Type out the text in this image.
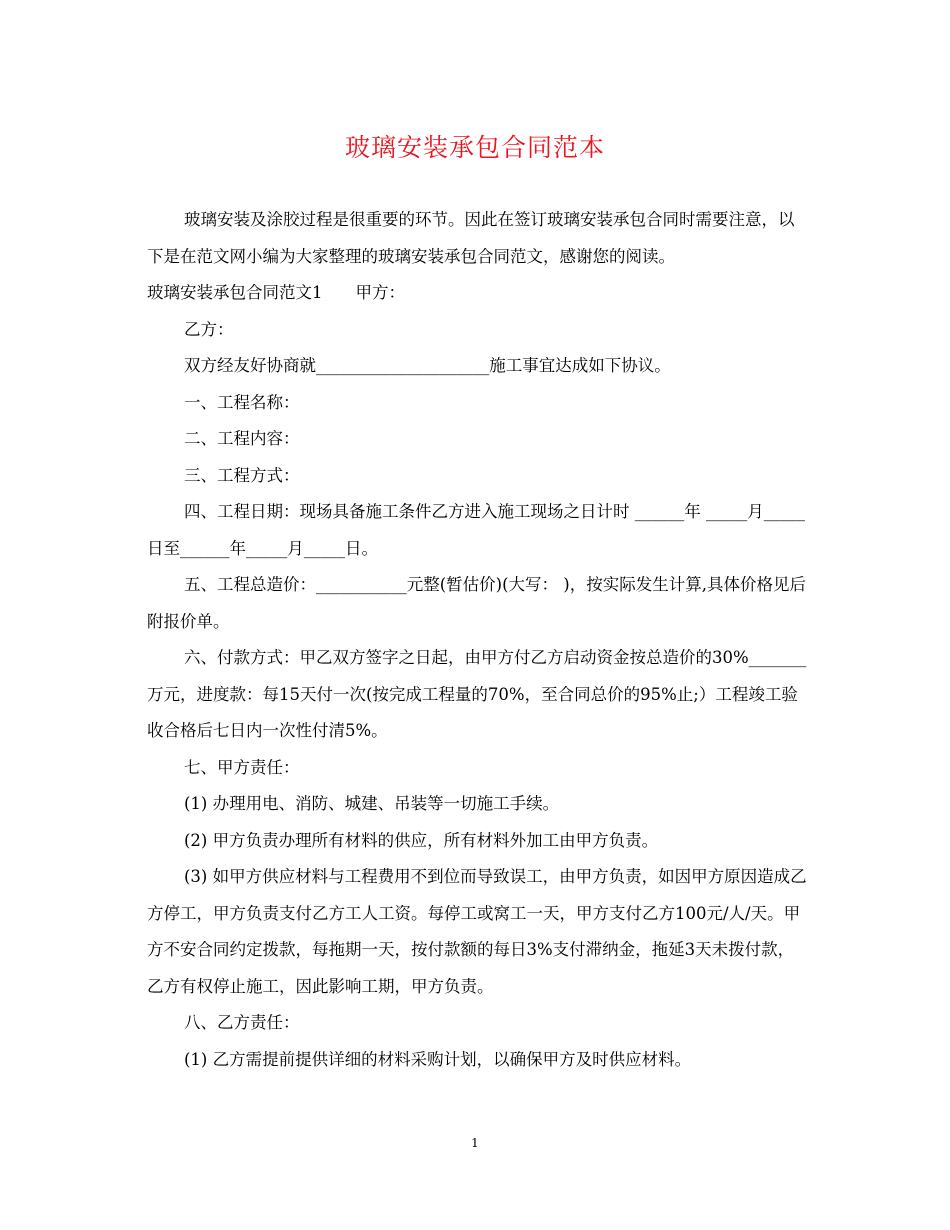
玻璃安装承包合同范本

玻璃安装及涂胶过程是很重要的环节。因此在签订玻璃安装承包合同时需要注意，以下是在范文网小编为大家整理的玻璃安装承包合同范文，感谢您的阅读。

玻璃安装承包合同范文1　　甲方：

乙方：

双方经友好协商就_____________________施工事宜达成如下协议。

一、工程名称：

二、工程内容：

三、工程方式：

四、工程日期：现场具备施工条件乙方进入施工现场之日计时 ______年 _____月_____日至______年_____月_____日。

五、工程总造价：___________元整(暂估价)(大写： )，按实际发生计算,具体价格见后附报价单。

六、付款方式：甲乙双方签字之日起，由甲方付乙方启动资金按总造价的30%_______万元，进度款：每15天付一次(按完成工程量的70%，至合同总价的95%止;）工程竣工验收合格后七日内一次性付清5%。

七、甲方责任：

(1) 办理用电、消防、城建、吊装等一切施工手续。

(2) 甲方负责办理所有材料的供应，所有材料外加工由甲方负责。

(3) 如甲方供应材料与工程费用不到位而导致误工，由甲方负责，如因甲方原因造成乙方停工，甲方负责支付乙方工人工资。每停工或窝工一天，甲方支付乙方100元/人/天。甲方不安合同约定拨款，每拖期一天，按付款额的每日3%支付滞纳金，拖延3天未拨付款，乙方有权停止施工，因此影响工期，甲方负责。

八、乙方责任：

(1) 乙方需提前提供详细的材料采购计划，以确保甲方及时供应材料。

1
